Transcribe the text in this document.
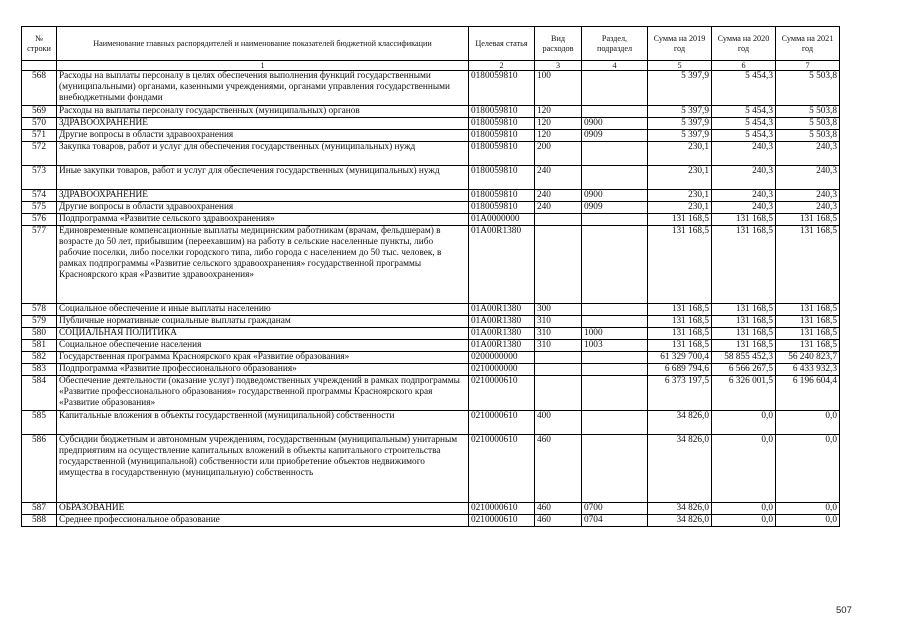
№ строки	Наименование главных распорядителей и наименование показателей бюджетной классификации	Целевая статья	Вид расходов	Раздел, подраздел	Сумма на 2019 год	Сумма на 2020 год	Сумма на 2021 год
	1	2	3	4	5	6	7
568	Расходы на выплаты персоналу в целях обеспечения выполнения функций государственными (муниципальными) органами, казенными учреждениями, органами управления государственными внебюджетными фондами	0180059810	100		5 397,9	5 454,3	5 503,8
569	Расходы на выплаты персоналу государственных (муниципальных) органов	0180059810	120		5 397,9	5 454,3	5 503,8
570	ЗДРАВООХРАНЕНИЕ	0180059810	120	0900	5 397,9	5 454,3	5 503,8
571	Другие вопросы в области здравоохранения	0180059810	120	0909	5 397,9	5 454,3	5 503,8
572	Закупка товаров, работ и услуг для обеспечения государственных (муниципальных) нужд	0180059810	200		230,1	240,3	240,3
573	Иные закупки товаров, работ и услуг для обеспечения государственных (муниципальных) нужд	0180059810	240		230,1	240,3	240,3
574	ЗДРАВООХРАНЕНИЕ	0180059810	240	0900	230,1	240,3	240,3
575	Другие вопросы в области здравоохранения	0180059810	240	0909	230,1	240,3	240,3
576	Подпрограмма «Развитие сельского здравоохранения»	01А0000000			131 168,5	131 168,5	131 168,5
577	Единовременные компенсационные выплаты медицинским работникам (врачам, фельдшерам) в возрасте до 50 лет, прибывшим (переехавшим) на работу в сельские населенные пункты, либо рабочие поселки, либо поселки городского типа, либо города с населением до 50 тыс. человек, в рамках подпрограммы «Развитие сельского здравоохранения» государственной программы Красноярского края «Развитие здравоохранения»	01А00R1380			131 168,5	131 168,5	131 168,5
578	Социальное обеспечение и иные выплаты населению	01А00R1380	300		131 168,5	131 168,5	131 168,5
579	Публичные нормативные социальные выплаты гражданам	01А00R1380	310		131 168,5	131 168,5	131 168,5
580	СОЦИАЛЬНАЯ ПОЛИТИКА	01А00R1380	310	1000	131 168,5	131 168,5	131 168,5
581	Социальное обеспечение населения	01А00R1380	310	1003	131 168,5	131 168,5	131 168,5
582	Государственная программа Красноярского края «Развитие образования»	0200000000			61 329 700,4	58 855 452,3	56 240 823,7
583	Подпрограмма «Развитие профессионального образования»	0210000000			6 689 794,6	6 566 267,5	6 433 932,3
584	Обеспечение деятельности (оказание услуг) подведомственных учреждений в рамках подпрограммы «Развитие профессионального образования» государственной программы Красноярского края «Развитие образования»	0210000610			6 373 197,5	6 326 001,5	6 196 604,4
585	Капитальные вложения в объекты государственной (муниципальной) собственности	0210000610	400		34 826,0	0,0	0,0
586	Субсидии бюджетным и автономным учреждениям, государственным (муниципальным) унитарным предприятиям на осуществление капитальных вложений в объекты капитального строительства государственной (муниципальной) собственности или приобретение объектов недвижимого имущества в государственную (муниципальную) собственность	0210000610	460		34 826,0	0,0	0,0
587	ОБРАЗОВАНИЕ	0210000610	460	0700	34 826,0	0,0	0,0
588	Среднее профессиональное образование	0210000610	460	0704	34 826,0	0,0	0,0
507
